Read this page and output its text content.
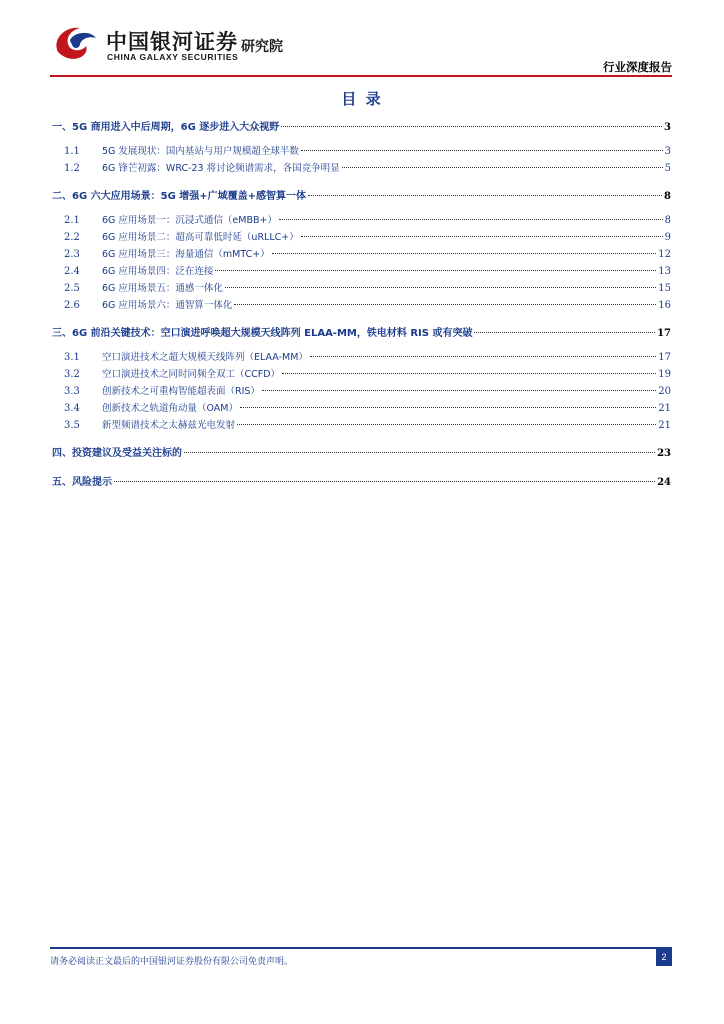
中国银河证券
CHINA GALAXY SECURITIES
研究院
行业深度报告
目 录
一、5G 商用进入中后周期，6G 逐步进入大众视野	3
1.1	5G 发展现状：国内基站与用户规模超全球半数	3
1.2	6G 锋芒初露：WRC-23 将讨论频谱需求，各国竞争明显	5
二、6G 六大应用场景：5G 增强+广域覆盖+感智算一体	8
2.1	6G 应用场景一：沉浸式通信（eMBB+）	8
2.2	6G 应用场景二：超高可靠低时延（uRLLC+）	9
2.3	6G 应用场景三：海量通信（mMTC+）	12
2.4	6G 应用场景四：泛在连接	13
2.5	6G 应用场景五：通感一体化	15
2.6	6G 应用场景六：通智算一体化	16
三、6G 前沿关键技术：空口演进呼唤超大规模天线阵列 ELAA-MM，铁电材料 RIS 或有突破	17
3.1	空口演进技术之超大规模天线阵列（ELAA-MM）	17
3.2	空口演进技术之同时同频全双工（CCFD）	19
3.3	创新技术之可重构智能超表面（RIS）	20
3.4	创新技术之轨道角动量（OAM）	21
3.5	新型频谱技术之太赫兹光电发射	21
四、投资建议及受益关注标的	23
五、风险提示	24
请务必阅读正文最后的中国银河证券股份有限公司免责声明。	2
